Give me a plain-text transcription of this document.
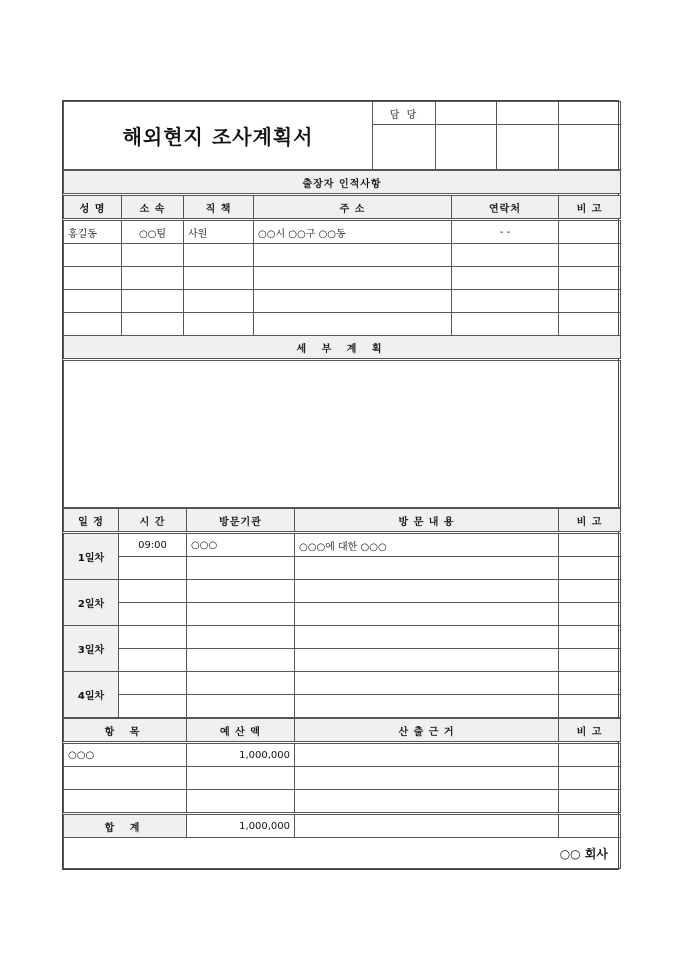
해외현지 조사계획서	담 당			

출장자 인적사항					
성 명	소 속	직 책	주 소	연락처	비 고
홍길동	○○팀	사원	○○시 ○○구 ○○동	- -	

세 부 계 획					

일 정	시 간	방문기관	방 문 내 용	비 고
1일차	09:00	○○○	○○○에 대한 ○○○	

2일차				

3일차				

4일차				

항 목	예 산 액	산 출 근 거	비 고
○○○	1,000,000		

합 계	1,000,000		
○○ 회사			
